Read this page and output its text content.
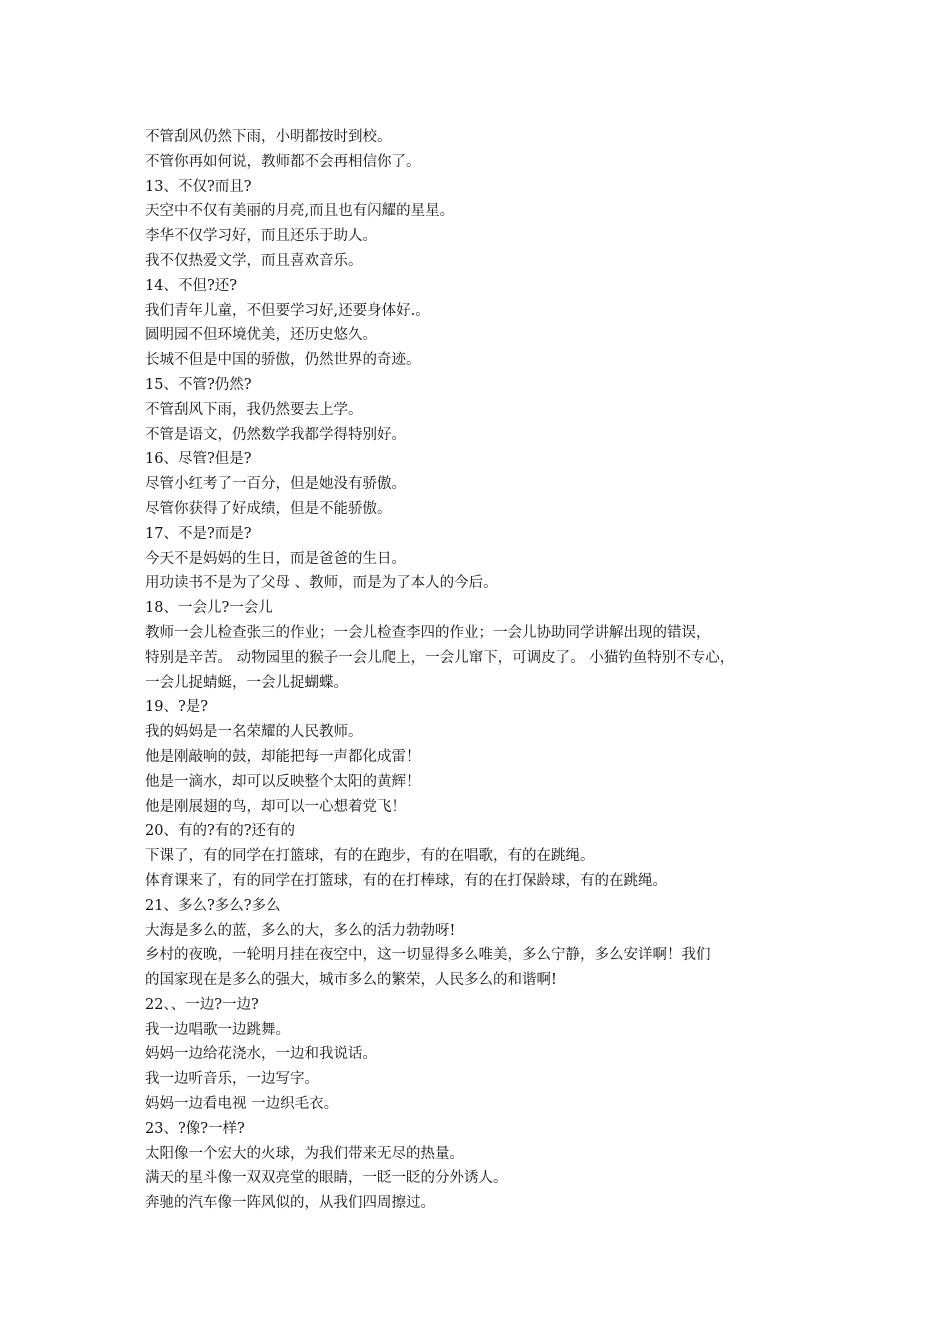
不管刮风仍然下雨，小明都按时到校。
不管你再如何说，教师都不会再相信你了。
13、不仅?而且?
天空中不仅有美丽的月亮,而且也有闪耀的星星。
李华不仅学习好，而且还乐于助人。
我不仅热爱文学，而且喜欢音乐。
14、不但?还?
我们青年儿童，不但要学习好,还要身体好.。
圆明园不但环境优美，还历史悠久。
长城不但是中国的骄傲，仍然世界的奇迹。
15、不管?仍然?
不管刮风下雨，我仍然要去上学。
不管是语文，仍然数学我都学得特别好。
16、尽管?但是?
尽管小红考了一百分，但是她没有骄傲。
尽管你获得了好成绩，但是不能骄傲。
17、不是?而是?
今天不是妈妈的生日，而是爸爸的生日。
用功读书不是为了父母 、教师，而是为了本人的今后。
18、一会儿?一会儿
教师一会儿检查张三的作业；一会儿检查李四的作业；一会儿协助同学讲解出现的错误，
特别是辛苦。 动物园里的猴子一会儿爬上，一会儿窜下，可调皮了。 小猫钓鱼特别不专心，
一会儿捉蜻蜓，一会儿捉蝴蝶。
19、?是?
我的妈妈是一名荣耀的人民教师。
他是刚敲响的鼓，却能把每一声都化成雷！
他是一滴水，却可以反映整个太阳的黄辉！
他是刚展翅的鸟，却可以一心想着党飞！
20、有的?有的?还有的
下课了，有的同学在打篮球，有的在跑步，有的在唱歌，有的在跳绳。
体育课来了，有的同学在打篮球，有的在打棒球，有的在打保龄球，有的在跳绳。
21、多么?多么?多么
大海是多么的蓝，多么的大，多么的活力勃勃呀!
乡村的夜晚，一轮明月挂在夜空中，这一切显得多么唯美，多么宁静，多么安详啊！我们
的国家现在是多么的强大，城市多么的繁荣，人民多么的和谐啊!
22、、一边?一边?
我一边唱歌一边跳舞。
妈妈一边给花浇水，一边和我说话。
我一边听音乐，一边写字。
妈妈一边看电视 一边织毛衣。
23、?像?一样?
太阳像一个宏大的火球，为我们带来无尽的热量。
满天的星斗像一双双亮堂的眼睛，一眨一眨的分外诱人。
奔驰的汽车像一阵风似的，从我们四周擦过。
